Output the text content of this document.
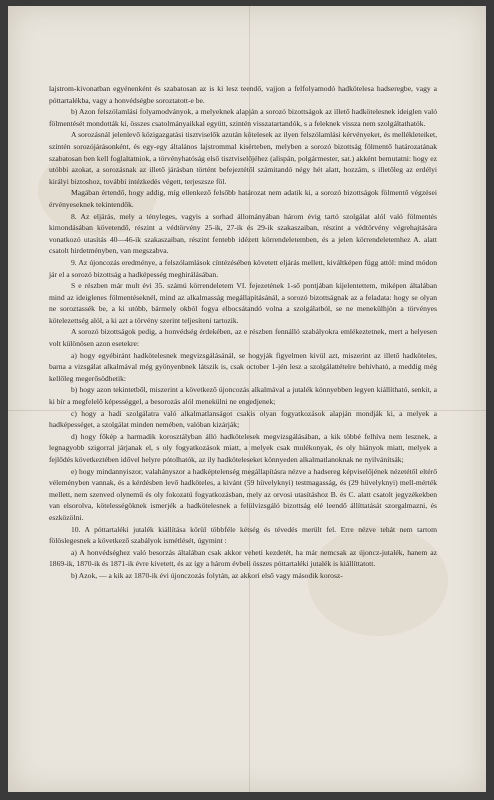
lajstrom-kivonatban egyénenként és szabatosan az is ki lesz teendő, vajjon a felfolyamodó hadkötelesa hadseregbe, vagy a póttartalékba, vagy a honvédségbe soroztatott-e be.

b) Azon felszólamlási folyamodványok, a melyeknek alapján a sorozó bizottságok az illető hadkötelesnek ideiglen való fölmentését mondották ki, összes csatolmányaikkal együtt, szintén visszatartandók, s a feleknek vissza nem szolgáltathatók.

A sorozásnál jelenlevő közigazgatási tisztviselők azután kötelesek az ilyen felszólamlási kérvényeket, és mellékleteiket, szintén sorozójárásonként, és egy-egy általános lajstrommal kisérteben, melyben a sorozó bizottság fölmentő határozatának szabatosan ben kell foglaltatniok, a törvényhatóság első tisztviselőjéhez (alispán, polgármester, sat.) akként bemutatni: hogy ez utóbbi azokat, a sorozásnak az illető járásban történt befejeztétől számitandó négy hét alatt, hozzám, s illetőleg az erdélyi királyi biztoshoz, további intézkedés végett, terjeszsze föl.

Magában értendő, hogy addig, míg ellenkező felsőbb határozat nem adatik ki, a sorozó bizottságok fölmentő végzései érvényeseknek tekintendők.

8. Az eljárás, mely a tényleges, vagyis a sorhad állományában három évig tartó szolgálat alól való fölmentés kimondásában követendő, részint a védtörvény 25-ik, 27-ik és 29-ik szakaszaiban, részint a védtörvény végrehajtására vonatkozó utasítás 40—46-ik szakaszaiban, részint fentebb idézett körrendeletemben, és a jelen körrendeletemhez A. alatt csatolt hirdetményben, van megszabva.

9. Az újoncozás eredménye, a felszólamlások cíntézésében követett eljárás mellett, kiváltképen függ attól: mind módon jár el a sorozó bizottság a hadképesség meghirálásában.

S e részben már mult évi 35. számú körrendeletem VI. fejezetének 1-ső pontjában kijelentettem, miképen általában mind az ideiglenes fölmentéseknél, mind az alkalmasság megállapításánál, a sorozó bizottságnak az a feladata: hogy se olyan ne soroztassék be, a ki utóbb, bármely okból fogya elbocsátandó volna a szolgálatból, se ne menekülhjön a törvényes kötelezettség alól, a ki azt a törvény szerint teljesíteni tartozik.

A sorozó bizottságok pedig, a honvédség érdekében, az e részben fennálló szabályokra emlékeztetnek, mert a helyesen volt különösen azon esetekre:

a) hogy egyébiránt hadkötelesnek megvizsgálásánál, se hogyják figyelmen kivül azt, miszerint az illető hadköteles, barna a vizsgálat alkalmával még gyönyenbnek látszik is, csak october 1-jén lesz a szolgálattételre behívható, a meddig még kellőleg megerősödhetik:

b) hogy azon tekintetből, miszerint a következő újoncozás alkalmával a jutalék könnyebben legyen kiállítható, senkit, a ki bír a megfelelő képességgel, a besorozás alól menekülni ne engedjenek;

c) hogy a hadi szolgálatra való alkalmatlanságot csakis olyan fogyatkozások alapján mondják ki, a melyek a hadképességet, a szolgálat minden nemében, valóban kizárják;

d) hogy főkép a harmadik korosztályban álló hadkötelesek megvizsgálásában, a kik többé felhíva nem lesznek, a legnagyobb szigorral járjanak el, s oly fogyatkozások miatt, a melyek csak mulékonyak, és oly hiányok miatt, melyek a fejlődés következtében idővel helyre pótolhatók, az ily hadköteleseket könnyeden alkalmatlanoknak ne nyilvánítsák;

e) hogy mindannyiszor, valahányszor a hadképtelenség megállapításra nézve a hadsereg képviselőjének nézetétől eltérő véleményben vannak, és a kérdésben levő hadköteles, a kivánt (59 hüvelyknyi) testmagasság, és (29 hüvelyknyi) mell-mérték mellett, nem szenved olynemű és oly fokozatú fogyatkozásban, mely az orvosi utasításhoz B. és C. alatt csatolt jegyzékekben van elsorolva, kötelességöknek ismerjék a hadkötelesnek a felülvizsgáló bizottság elé leendő állíttatását szorgalmazni, és eszközölni.

10. A póttartaléki jutalék kiállítása körül többféle kétség és tévedés merült fel. Erre nézve tehát nem tartom fölöslegesnek a következő szabályok ismétlését, úgymint :

a) A honvédséghez való besorzás általában csak akkor veheti kezdetét, ha már nemcsak az újoncz-jutalék, hanem az 1869-ik, 1870-ik és 1871-ik évre kivetett, és az így a három évbeli összes póttartaléki jutalék is kiállíttatott.

b) Azok, — a kik az 1870-ik évi újonczozás folytán, az akkori első vagy második korosz-
